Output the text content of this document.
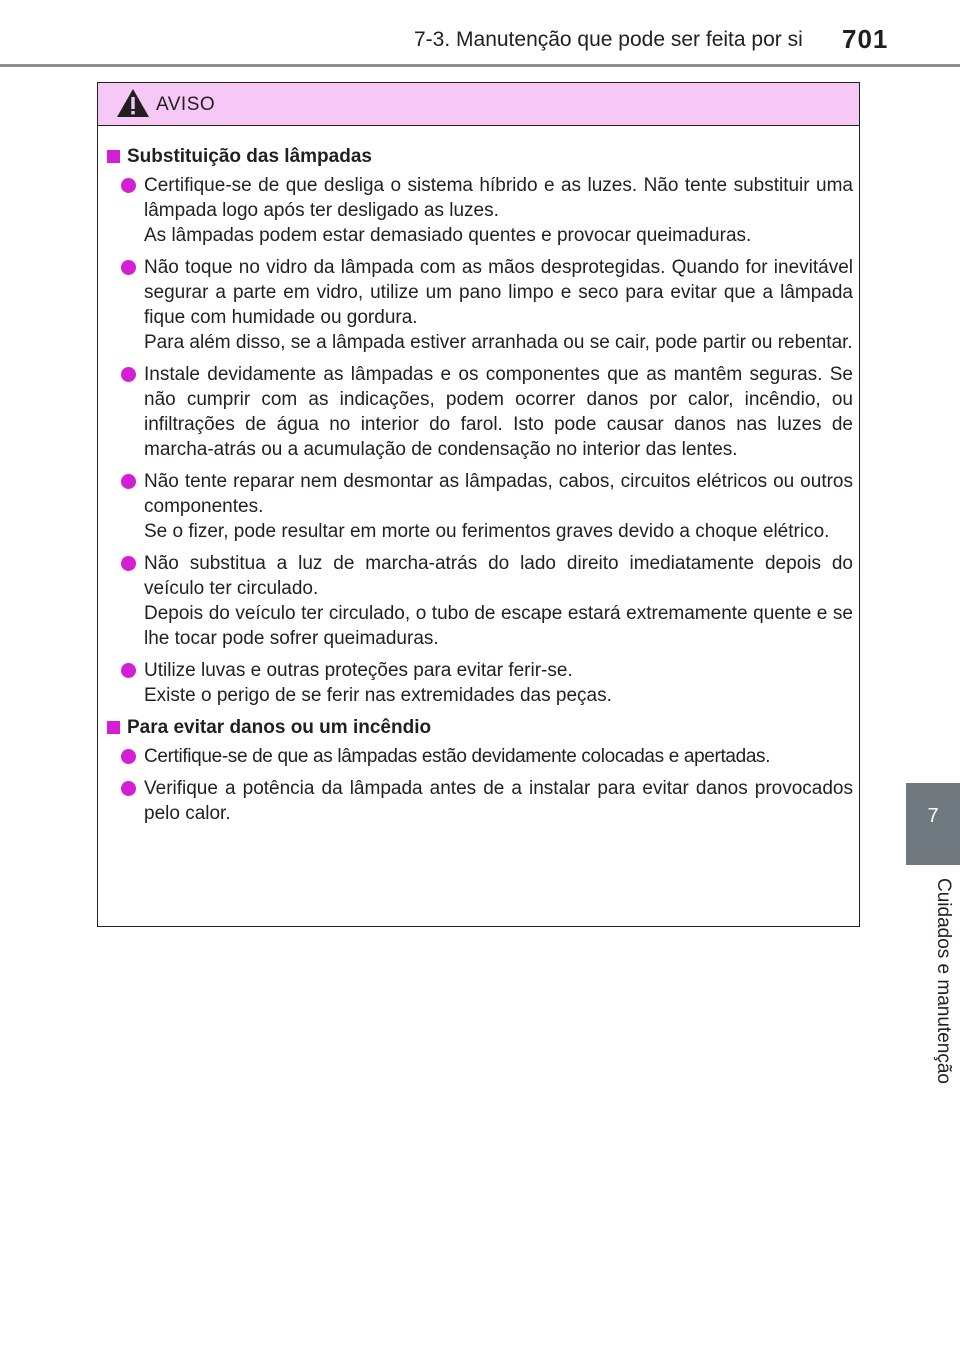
7-3. Manutenção que pode ser feita por si 701
7
Cuidados e manutenção
AVISO
Substituição das lâmpadas

Certifique-se de que desliga o sistema híbrido e as luzes. Não tente substituir uma lâmpada logo após ter desligado as luzes.

As lâmpadas podem estar demasiado quentes e provocar queimaduras.

Não toque no vidro da lâmpada com as mãos desprotegidas. Quando for inevitável segurar a parte em vidro, utilize um pano limpo e seco para evitar que a lâmpada fique com humidade ou gordura.

Para além disso, se a lâmpada estiver arranhada ou se cair, pode partir ou rebentar.

Instale devidamente as lâmpadas e os componentes que as mantêm seguras. Se não cumprir com as indicações, podem ocorrer danos por calor, incêndio, ou infiltrações de água no interior do farol. Isto pode causar danos nas luzes de marcha-atrás ou a acumulação de condensação no interior das lentes.

Não tente reparar nem desmontar as lâmpadas, cabos, circuitos elétricos ou outros componentes.

Se o fizer, pode resultar em morte ou ferimentos graves devido a choque elétrico.

Não substitua a luz de marcha-atrás do lado direito imediatamente depois do veículo ter circulado.

Depois do veículo ter circulado, o tubo de escape estará extremamente quente e se lhe tocar pode sofrer queimaduras.

Utilize luvas e outras proteções para evitar ferir-se.

Existe o perigo de se ferir nas extremidades das peças.

Para evitar danos ou um incêndio

Certifique-se de que as lâmpadas estão devidamente colocadas e apertadas.

Verifique a potência da lâmpada antes de a instalar para evitar danos provocados pelo calor.
